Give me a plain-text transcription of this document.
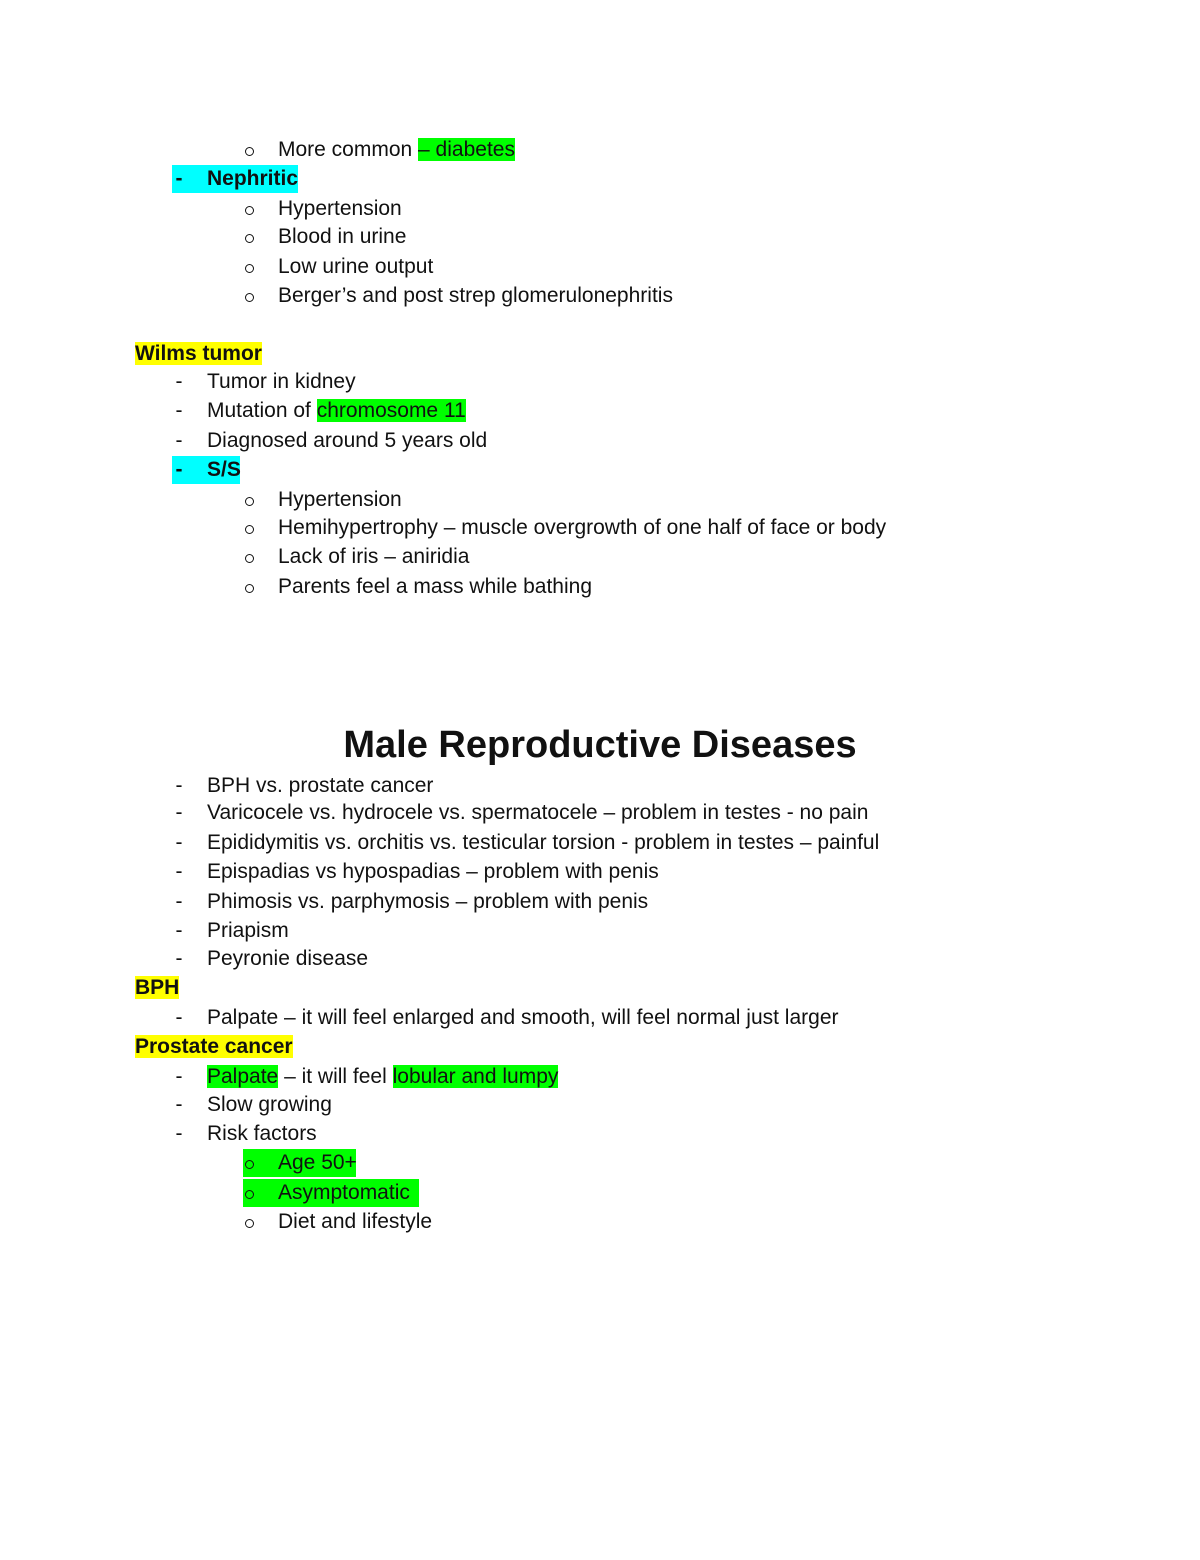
More common – diabetes
- Nephritic
Hypertension
Blood in urine
Low urine output
Berger’s and post strep glomerulonephritis
Wilms tumor
- Tumor in kidney
- Mutation of chromosome 11
- Diagnosed around 5 years old
- S/S
Hypertension
Hemihypertrophy – muscle overgrowth of one half of face or body
Lack of iris – aniridia
Parents feel a mass while bathing
Male Reproductive Diseases
- BPH vs. prostate cancer
- Varicocele vs. hydrocele vs. spermatocele – problem in testes - no pain
- Epididymitis vs. orchitis vs. testicular torsion - problem in testes – painful
- Epispadias vs hypospadias – problem with penis
- Phimosis vs. parphymosis – problem with penis
- Priapism
- Peyronie disease
BPH
- Palpate – it will feel enlarged and smooth, will feel normal just larger
Prostate cancer
- Palpate – it will feel lobular and lumpy
- Slow growing
- Risk factors
Age 50+
Asymptomatic
Diet and lifestyle
